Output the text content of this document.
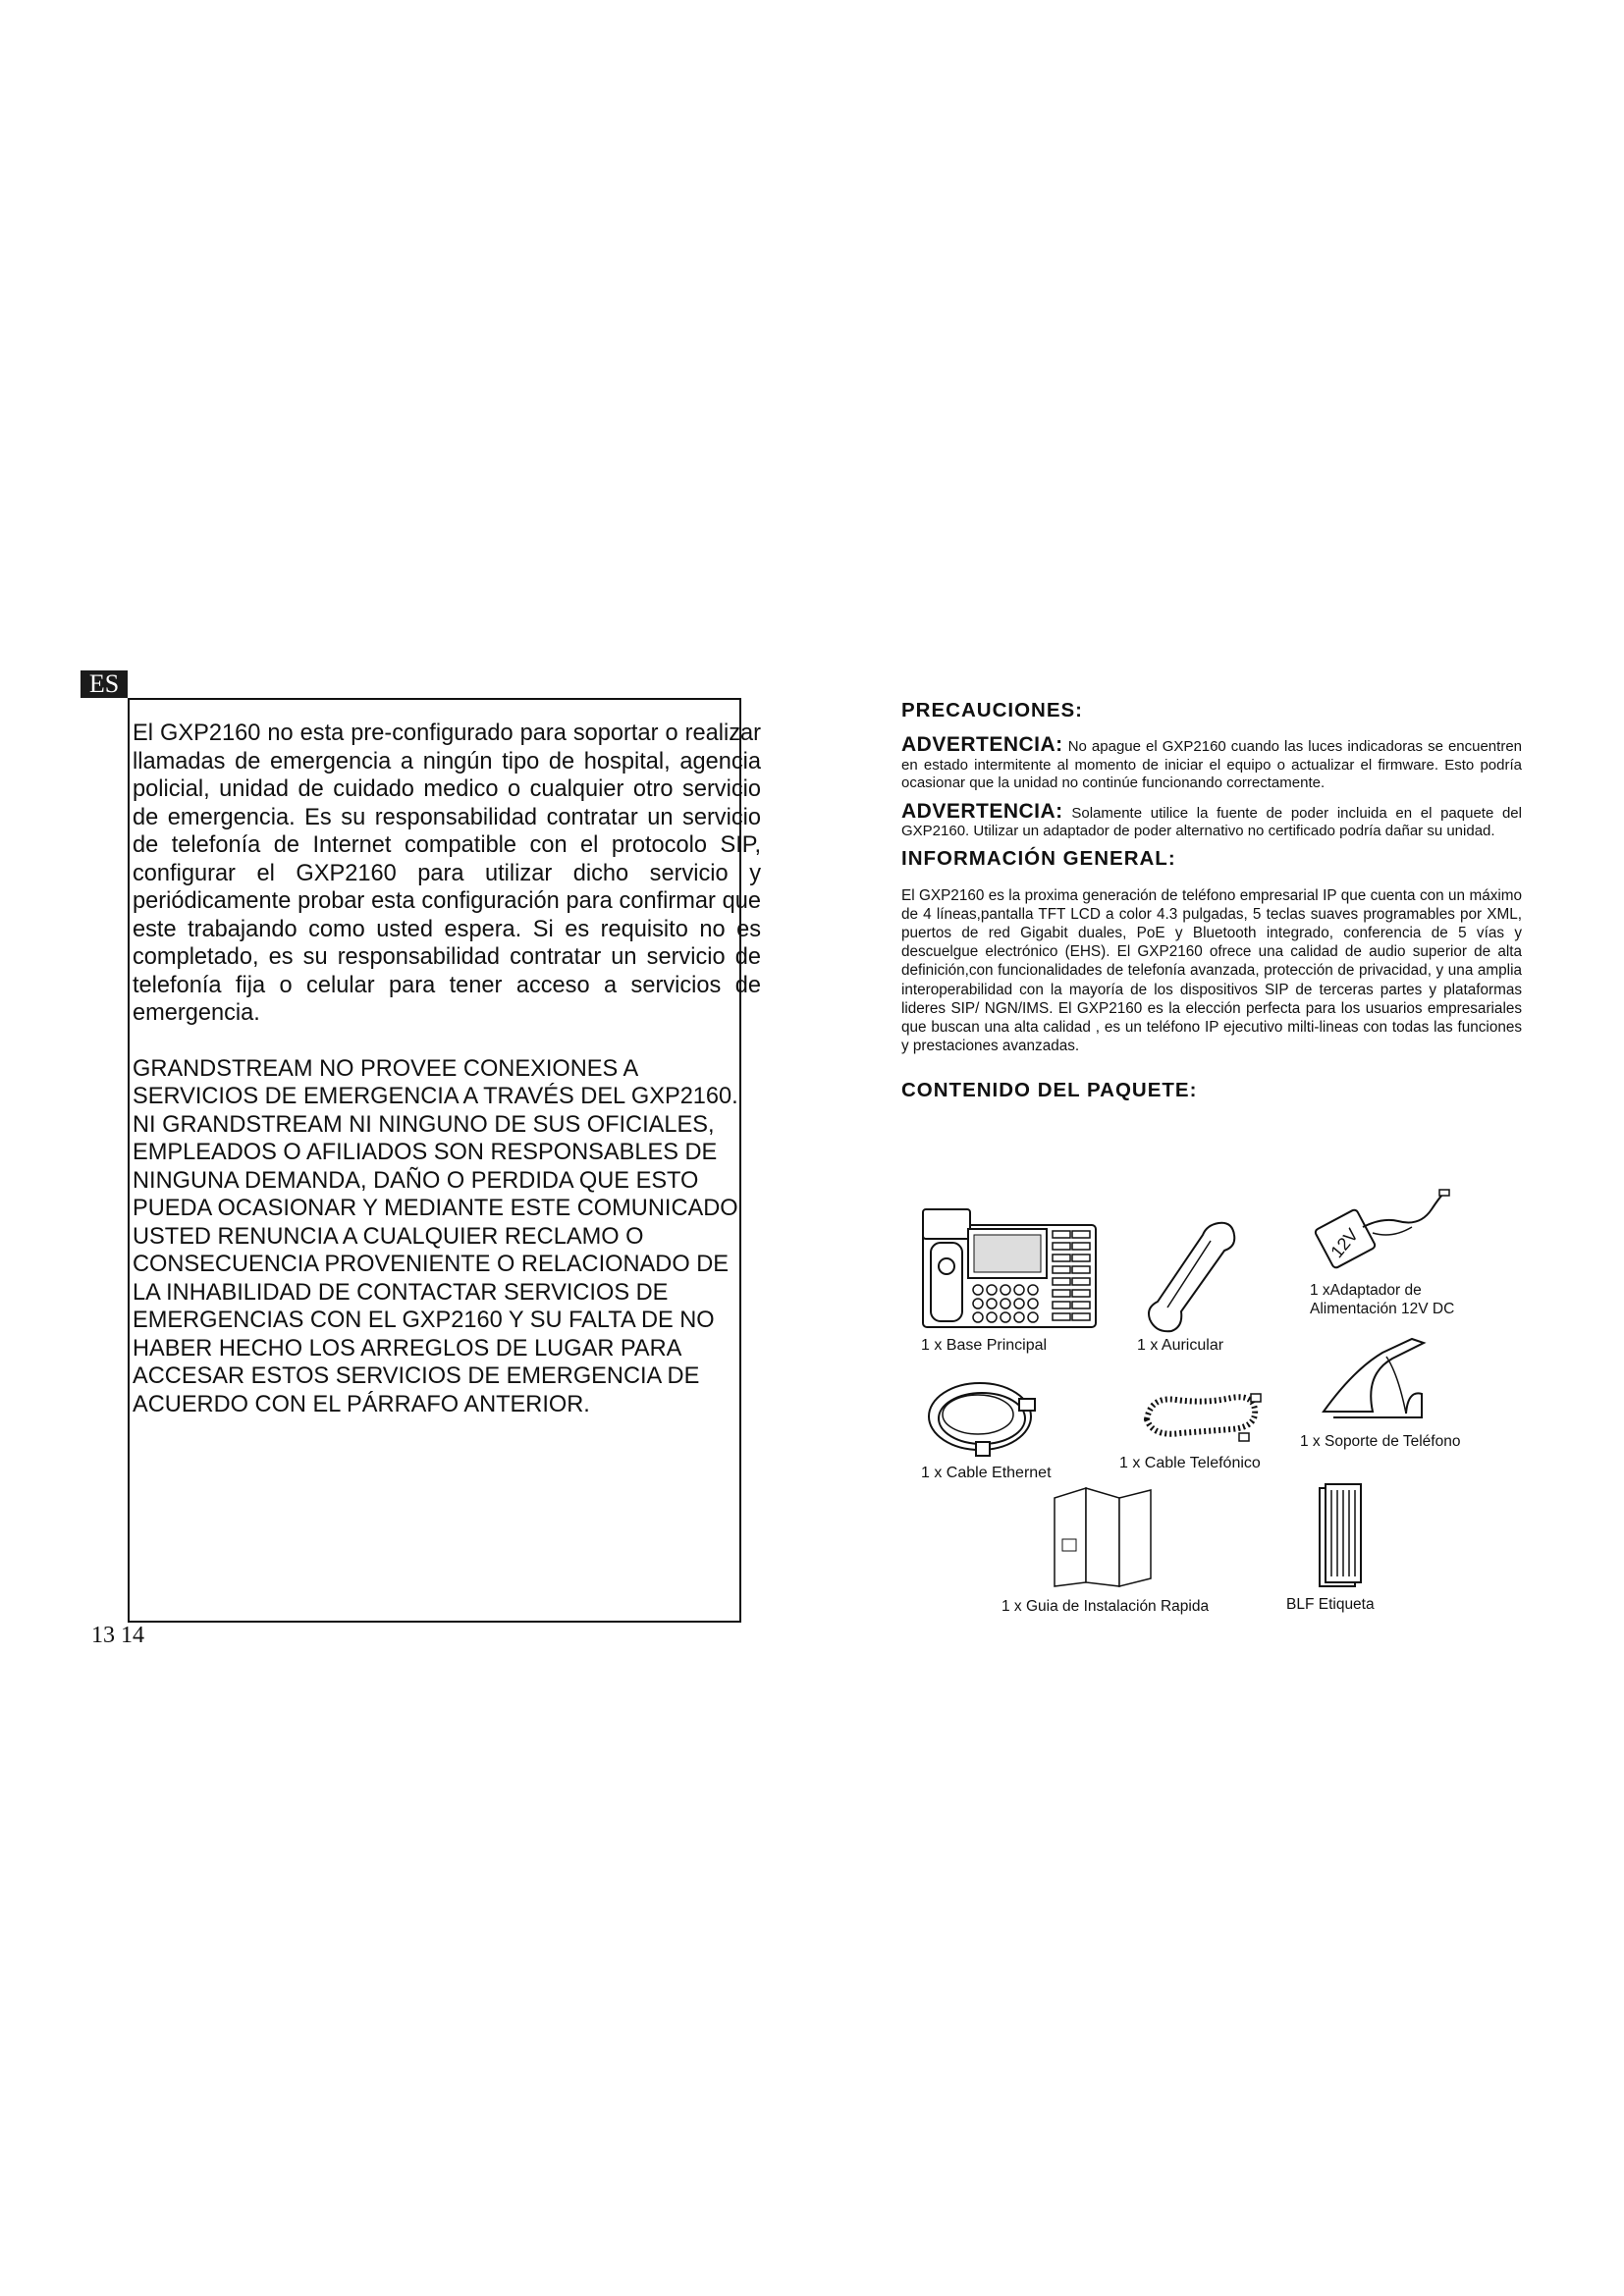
ES

El GXP2160 no esta pre-configurado para soportar o realizar llamadas de emergencia a ningún tipo de hospital, agencia policial, unidad de cuidado medico o cualquier otro servicio de emergencia. Es su responsabilidad contratar un servicio de telefonía de Internet compatible con el protocolo SIP, configurar el GXP2160 para utilizar dicho servicio y periódicamente probar esta configuración para confirmar que este trabajando como usted espera. Si es requisito no es completado, es su responsabilidad contratar un servicio de telefonía fija o celular para tener acceso a servicios de emergencia.

GRANDSTREAM NO PROVEE CONEXIONES A SERVICIOS DE EMERGENCIA A TRAVÉS DEL GXP2160. NI GRANDSTREAM NI NINGUNO DE SUS OFICIALES, EMPLEADOS O AFILIADOS SON RESPONSABLES DE NINGUNA DEMANDA, DAÑO O PERDIDA QUE ESTO PUEDA OCASIONAR Y MEDIANTE ESTE COMUNICADO USTED RENUNCIA A CUALQUIER RECLAMO O CONSECUENCIA PROVENIENTE O RELACIONADO DE LA INHABILIDAD DE CONTACTAR SERVICIOS DE EMERGENCIAS CON EL GXP2160 Y SU FALTA DE NO HABER HECHO LOS ARREGLOS DE LUGAR PARA ACCESAR ESTOS SERVICIOS DE EMERGENCIA DE ACUERDO CON EL PÁRRAFO ANTERIOR.

13 14
PRECAUCIONES:

ADVERTENCIA: No apague el GXP2160 cuando las luces indicadoras se encuentren en estado intermitente al momento de iniciar el equipo o actualizar el firmware. Esto podría ocasionar que la unidad no continúe funcionando correctamente.

ADVERTENCIA: Solamente utilice la fuente de poder incluida en el paquete del GXP2160. Utilizar un adaptador de poder alternativo no certificado podría dañar su unidad.

INFORMACIÓN GENERAL:

El GXP2160 es la proxima generación de teléfono empresarial IP que cuenta con un máximo de 4 líneas,pantalla TFT LCD a color 4.3 pulgadas, 5 teclas suaves programables por XML, puertos de red Gigabit duales, PoE y Bluetooth integrado, conferencia de 5 vías y descuelgue electrónico (EHS). El GXP2160 ofrece una calidad de audio superior de alta definición,con funcionalidades de telefonía avanzada, protección de privacidad, y una amplia interoperabilidad con la mayoría de los dispositivos SIP de terceras partes y plataformas lideres SIP/ NGN/IMS. El GXP2160 es la elección perfecta para los usuarios empresariales que buscan una alta calidad , es un teléfono IP ejecutivo milti-lineas con todas las funciones y prestaciones avanzadas.

CONTENIDO DEL PAQUETE:
1 x Base Principal	1 x Auricular
12V
1 xAdaptador de
Alimentación 12V DC
1 x Cable Ethernet
1 x Cable Telefónico
1 x Soporte de Teléfono
1 x Guia de Instalación Rapida	BLF Etiqueta
